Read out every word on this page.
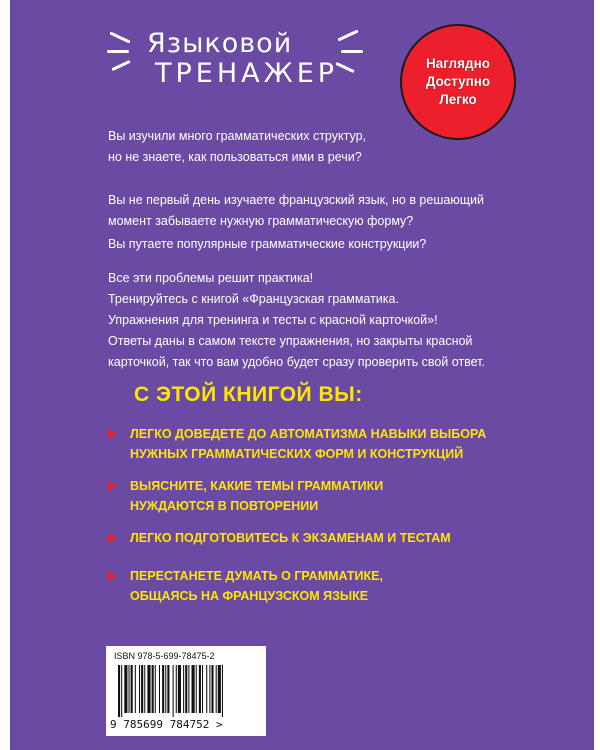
Языковой
ТРЕНАЖЕР	Наглядно
Доступно
Легко
Вы изучили много грамматических структур,
но не знаете, как пользоваться ими в речи?
Вы не первый день изучаете французский язык, но в решающий
момент забываете нужную грамматическую форму?
Вы путаете популярные грамматические конструкции?
Все эти проблемы решит практика!
Тренируйтесь с книгой «Французская грамматика.
Упражнения для тренинга и тесты с красной карточкой»!
Ответы даны в самом тексте упражнения, но закрыты красной
карточкой, так что вам удобно будет сразу проверить свой ответ.
С ЭТОЙ КНИГОЙ ВЫ:
ЛЕГКО ДОВЕДЕТЕ ДО АВТОМАТИЗМА НАВЫКИ ВЫБОРА
НУЖНЫХ ГРАММАТИЧЕСКИХ ФОРМ И КОНСТРУКЦИЙ
ВЫЯСНИТЕ, КАКИЕ ТЕМЫ ГРАММАТИКИ
НУЖДАЮТСЯ В ПОВТОРЕНИИ
ЛЕГКО ПОДГОТОВИТЕСЬ К ЭКЗАМЕНАМ И ТЕСТАМ
ПЕРЕСТАНЕТЕ ДУМАТЬ О ГРАММАТИКЕ,
ОБЩАЯСЬ НА ФРАНЦУЗСКОМ ЯЗЫКЕ
ISBN 978-5-699-78475-2
9 785699 784752 >
